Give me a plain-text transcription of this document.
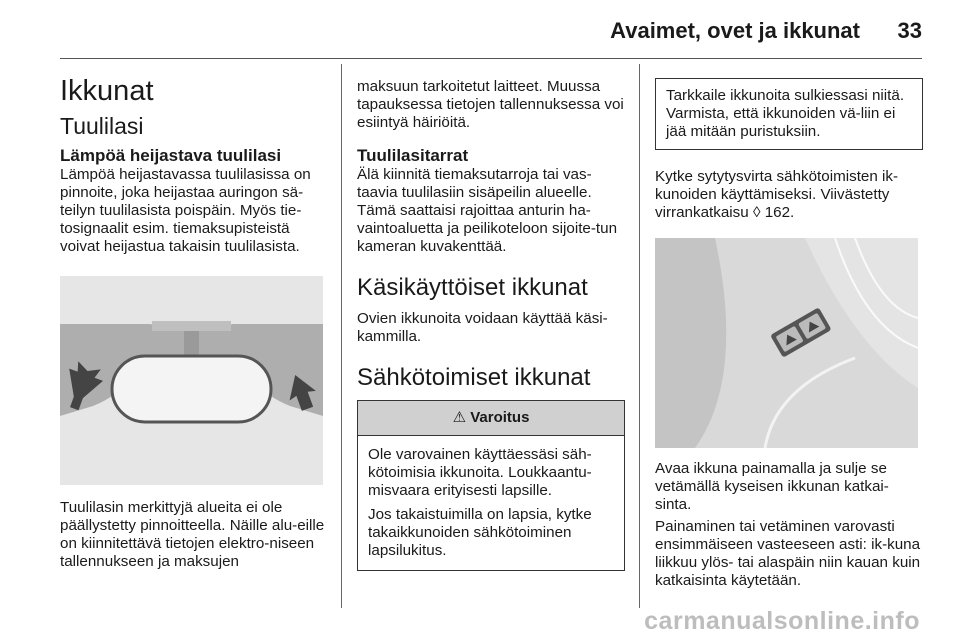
Avaimet, ovet ja ikkunat 33
Ikkunat
Tuulilasi
Lämpöä heijastava tuulilasi

Lämpöä heijastavassa tuulilasissa on pinnoite, joka heijastaa auringon sä-teilyn tuulilasista poispäin. Myös tie-tosignaalit esim. tiemaksupisteistä voivat heijastua takaisin tuulilasista.

Tuulilasin merkittyjä alueita ei ole päällystetty pinnoitteella. Näille alu-eille on kiinnitettävä tietojen elektro-niseen tallennukseen ja maksujen

maksuun tarkoitetut laitteet. Muussa tapauksessa tietojen tallennuksessa voi esiintyä häiriöitä.

Tuulilasitarrat

Älä kiinnitä tiemaksutarroja tai vas-taavia tuulilasiin sisäpeilin alueelle. Tämä saattaisi rajoittaa anturin ha-vaintoaluetta ja peilikoteloon sijoite-tun kameran kuvakenttää.

Käsikäyttöiset ikkunat

Ovien ikkunoita voidaan käyttää käsi-kammilla.

Sähkötoimiset ikkunat
⚠ Varoitus

Ole varovainen käyttäessäsi säh-kötoimisia ikkunoita. Loukkaantu-misvaara erityisesti lapsille.

Jos takaistuimilla on lapsia, kytke takaikkunoiden sähkötoiminen lapsilukitus.

Tarkkaile ikkunoita sulkiessasi niitä. Varmista, että ikkunoiden vä-liin ei jää mitään puristuksiin.

Kytke sytytysvirta sähkötoimisten ik-kunoiden käyttämiseksi. Viivästetty virrankatkaisu ◊ 162.

Avaa ikkuna painamalla ja sulje se vetämällä kyseisen ikkunan katkai-sinta.

Painaminen tai vetäminen varovasti ensimmäiseen vasteeseen asti: ik-kuna liikkuu ylös- tai alaspäin niin kauan kuin katkaisinta käytetään.

carmanualsonline.info
